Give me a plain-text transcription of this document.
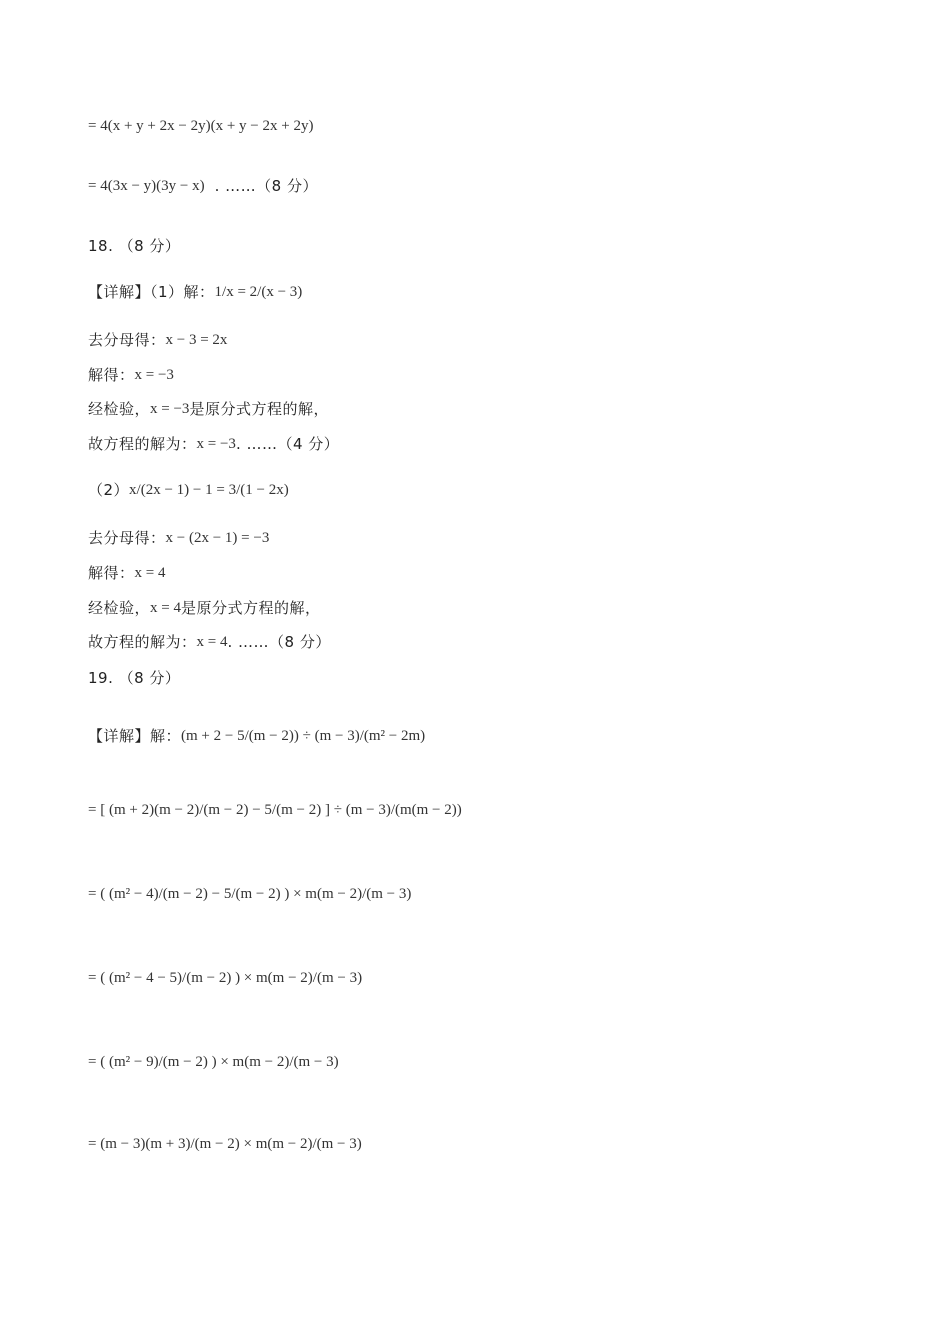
= 4(x + y + 2x − 2y)(x + y − 2x + 2y)
= 4(3x − y)(3y − x) . ……（8 分）
18. （8 分）
【详解】（1）解： 1/x = 2/(x − 3)
去分母得： x − 3 = 2x
解得： x = −3
经检验， x = −3 是原分式方程的解，
故方程的解为： x = −3 . ……（4 分）
（2） x/(2x − 1) − 1 = 3/(1 − 2x)
去分母得： x − (2x − 1) = −3
解得： x = 4
经检验， x = 4 是原分式方程的解，
故方程的解为： x = 4 . ……（8 分）
19. （8 分）
【详解】解： (m + 2 − 5/(m − 2)) ÷ (m − 3)/(m² − 2m)
= [ (m + 2)(m − 2)/(m − 2) − 5/(m − 2) ] ÷ (m − 3)/(m(m − 2))
= ( (m² − 4)/(m − 2) − 5/(m − 2) ) × m(m − 2)/(m − 3)
= ( (m² − 4 − 5)/(m − 2) ) × m(m − 2)/(m − 3)
= ( (m² − 9)/(m − 2) ) × m(m − 2)/(m − 3)
= (m − 3)(m + 3)/(m − 2) × m(m − 2)/(m − 3)
